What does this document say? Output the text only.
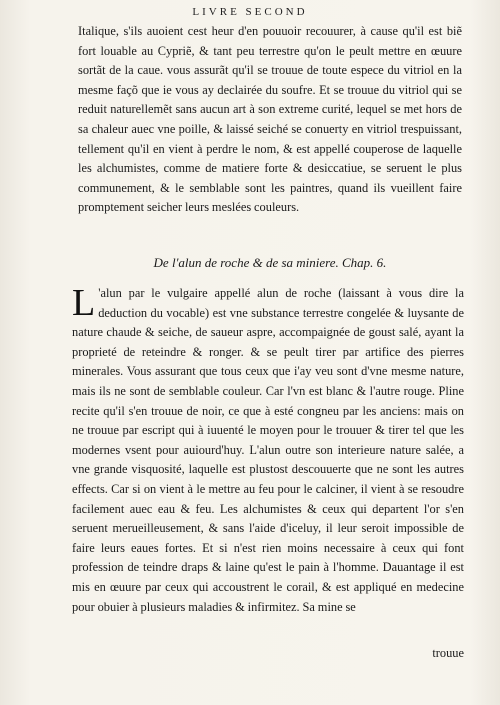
LIVRE SECOND

Italique, s'ils auoient cest heur d'en pouuoir recouurer, à cause qu'il est biẽ fort louable au Cypriẽ, & tant peu terrestre qu'on le peult mettre en œuure sortãt de la caue. vous assurãt qu'il se trouue de toute espece du vitriol en la mesme façõ que ie vous ay declairée du soufre. Et se trouue du vitriol qui se reduit naturellemẽt sans aucun art à son extreme curité, lequel se met hors de sa chaleur auec vne poille, & laissé seiché se conuerty en vitriol trespuissant, tellement qu'il en vient à perdre le nom, & est appellé couperose de laquelle les alchumistes, comme de matiere forte & desiccatiue, se seruent le plus communement, & le semblable sont les paintres, quand ils vueillent faire promptement seicher leurs meslées couleurs.

De l'alun de roche & de sa miniere. Chap. 6.

L 'alun par le vulgaire appellé alun de roche (laissant à vous dire la deduction du vocable) est vne substance terrestre congelée & luysante de nature chaude & seiche, de saueur aspre, accompaignée de goust salé, ayant la proprieté de reteindre & ronger. & se peult tirer par artifice des pierres minerales. Vous assurant que tous ceux que i'ay veu sont d'vne mesme nature, mais ils ne sont de semblable couleur. Car l'vn est blanc & l'autre rouge. Pline recite qu'il s'en trouue de noir, ce que à esté congneu par les anciens: mais on ne trouue par escript qui à iuuenté le moyen pour le trouuer & tirer tel que les modernes vsent pour auiourd'huy. L'alun outre son interieure nature salée, a vne grande visquosité, laquelle est plustost descouuerte que ne sont les autres effects. Car si on vient à le mettre au feu pour le calciner, il vient à se resoudre facilement auec eau & feu. Les alchumistes & ceux qui departent l'or s'en seruent merueilleusement, & sans l'aide d'iceluy, il leur seroit impossible de faire leurs eaues fortes. Et si n'est rien moins necessaire à ceux qui font profession de teindre draps & laine qu'est le pain à l'homme. Dauantage il est mis en œuure par ceux qui accoustrent le corail, & est appliqué en medecine pour obuier à plusieurs maladies & infirmitez. Sa mine se

trouue
